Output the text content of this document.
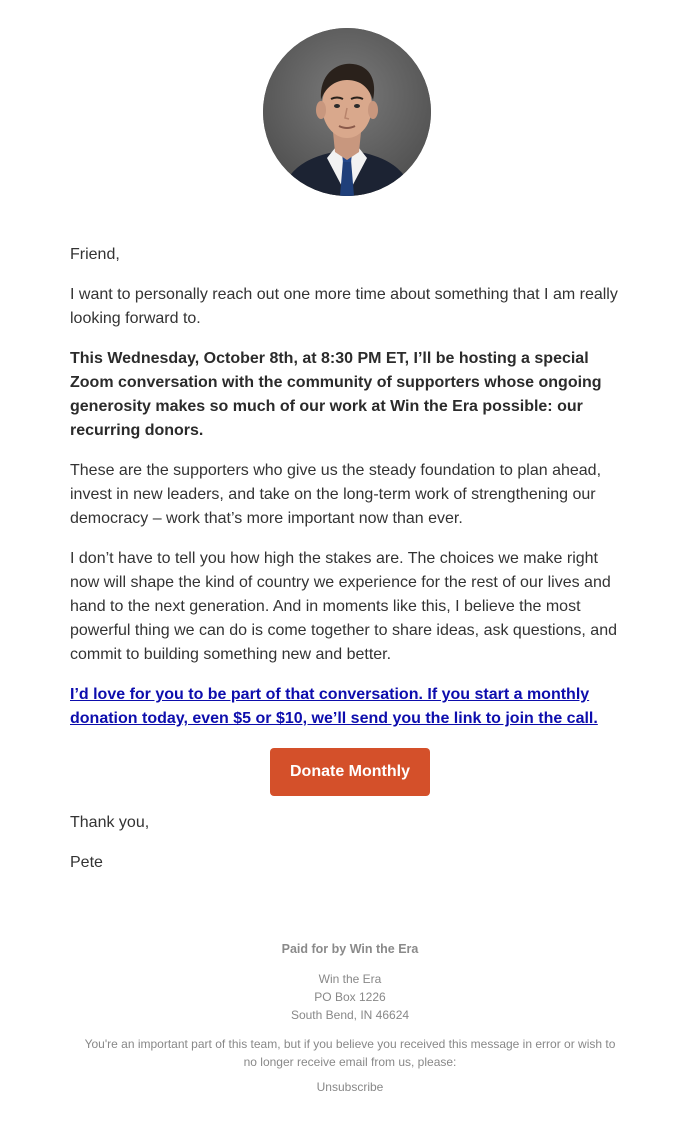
Friend,

I want to personally reach out one more time about something that I am really looking forward to.

This Wednesday, October 8th, at 8:30 PM ET, I’ll be hosting a special Zoom conversation with the community of supporters whose ongoing generosity makes so much of our work at Win the Era possible: our recurring donors.

These are the supporters who give us the steady foundation to plan ahead, invest in new leaders, and take on the long-term work of strengthening our democracy – work that’s more important now than ever.

I don’t have to tell you how high the stakes are. The choices we make right now will shape the kind of country we experience for the rest of our lives and hand to the next generation. And in moments like this, I believe the most powerful thing we can do is come together to share ideas, ask questions, and commit to building something new and better.

I’d love for you to be part of that conversation. If you start a monthly donation today, even $5 or $10, we’ll send you the link to join the call.

Donate Monthly

Thank you,

Pete

Paid for by Win the Era
Win the Era
PO Box 1226
South Bend, IN 46624
You're an important part of this team, but if you believe you received this message in error or wish to no longer receive email from us, please:
Unsubscribe
